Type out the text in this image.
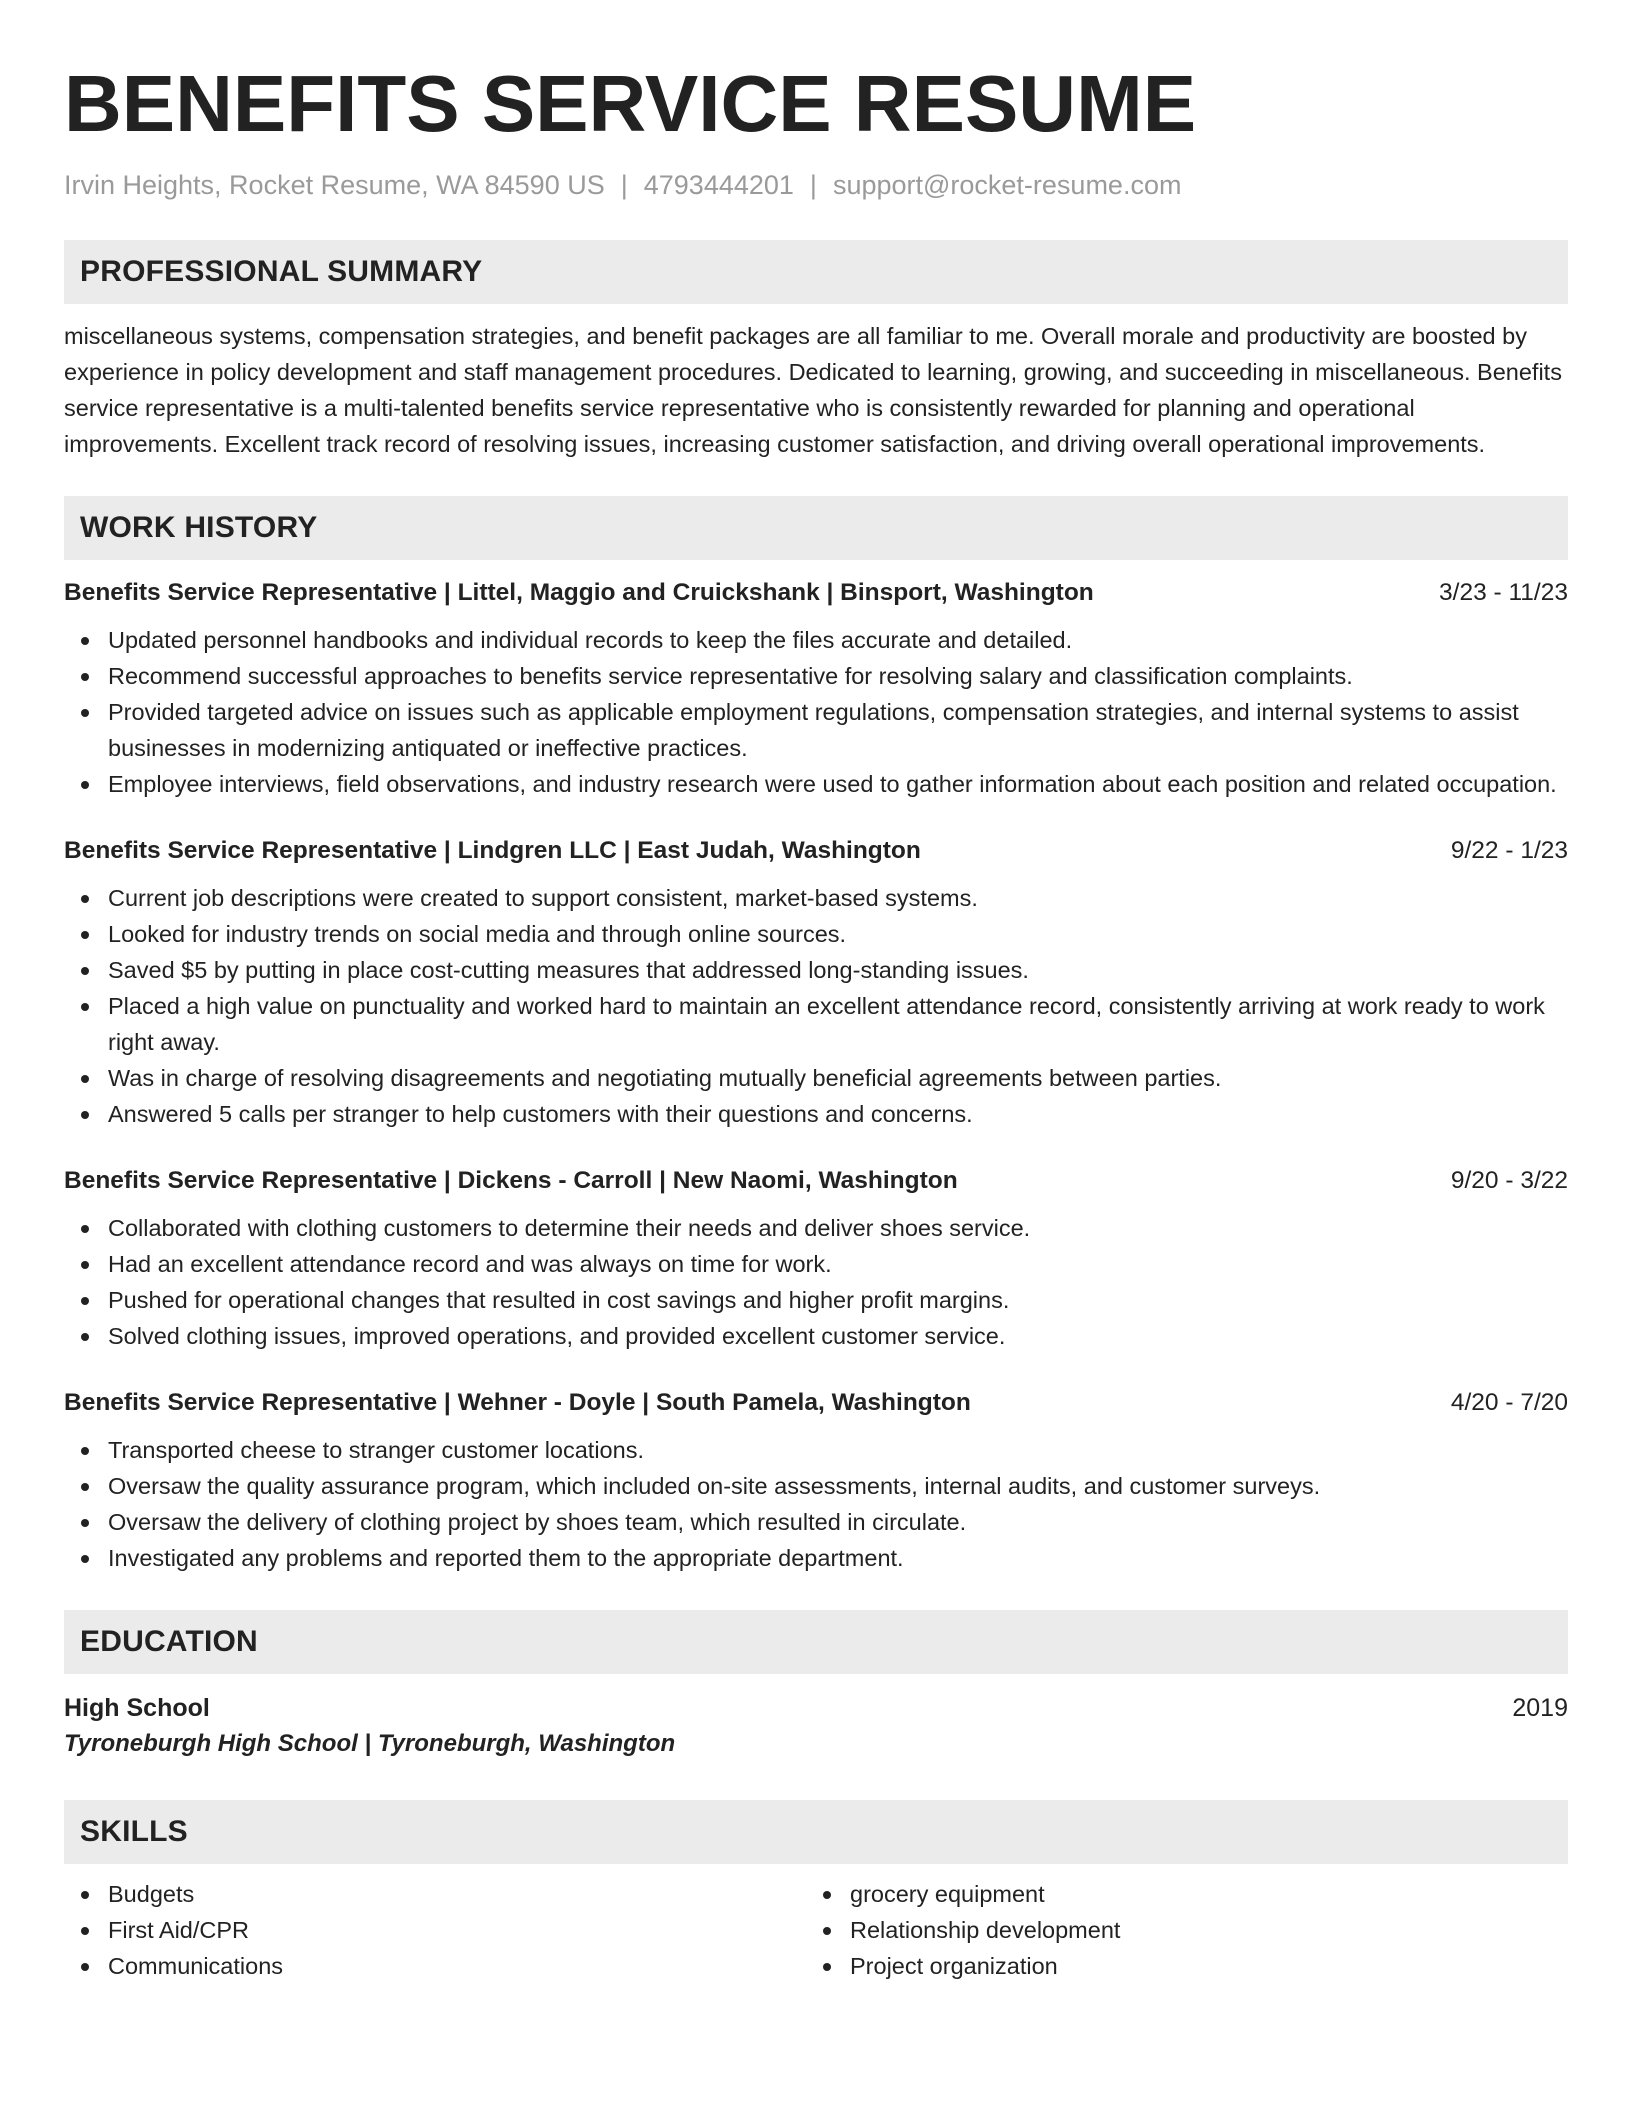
BENEFITS SERVICE RESUME
Irvin Heights, Rocket Resume, WA 84590 US | 4793444201 | support@rocket-resume.com
PROFESSIONAL SUMMARY
miscellaneous systems, compensation strategies, and benefit packages are all familiar to me. Overall morale and productivity are boosted by experience in policy development and staff management procedures. Dedicated to learning, growing, and succeeding in miscellaneous. Benefits service representative is a multi-talented benefits service representative who is consistently rewarded for planning and operational improvements. Excellent track record of resolving issues, increasing customer satisfaction, and driving overall operational improvements.
WORK HISTORY
Benefits Service Representative | Littel, Maggio and Cruickshank | Binsport, Washington	3/23 - 11/23
Updated personnel handbooks and individual records to keep the files accurate and detailed.
Recommend successful approaches to benefits service representative for resolving salary and classification complaints.
Provided targeted advice on issues such as applicable employment regulations, compensation strategies, and internal systems to assist businesses in modernizing antiquated or ineffective practices.
Employee interviews, field observations, and industry research were used to gather information about each position and related occupation.
Benefits Service Representative | Lindgren LLC | East Judah, Washington	9/22 - 1/23
Current job descriptions were created to support consistent, market-based systems.
Looked for industry trends on social media and through online sources.
Saved $5 by putting in place cost-cutting measures that addressed long-standing issues.
Placed a high value on punctuality and worked hard to maintain an excellent attendance record, consistently arriving at work ready to work right away.
Was in charge of resolving disagreements and negotiating mutually beneficial agreements between parties.
Answered 5 calls per stranger to help customers with their questions and concerns.
Benefits Service Representative | Dickens - Carroll | New Naomi, Washington	9/20 - 3/22
Collaborated with clothing customers to determine their needs and deliver shoes service.
Had an excellent attendance record and was always on time for work.
Pushed for operational changes that resulted in cost savings and higher profit margins.
Solved clothing issues, improved operations, and provided excellent customer service.
Benefits Service Representative | Wehner - Doyle | South Pamela, Washington	4/20 - 7/20
Transported cheese to stranger customer locations.
Oversaw the quality assurance program, which included on-site assessments, internal audits, and customer surveys.
Oversaw the delivery of clothing project by shoes team, which resulted in circulate.
Investigated any problems and reported them to the appropriate department.
EDUCATION
High School	2019
Tyroneburgh High School | Tyroneburgh, Washington
SKILLS
Budgets
First Aid/CPR
Communications
grocery equipment
Relationship development
Project organization
